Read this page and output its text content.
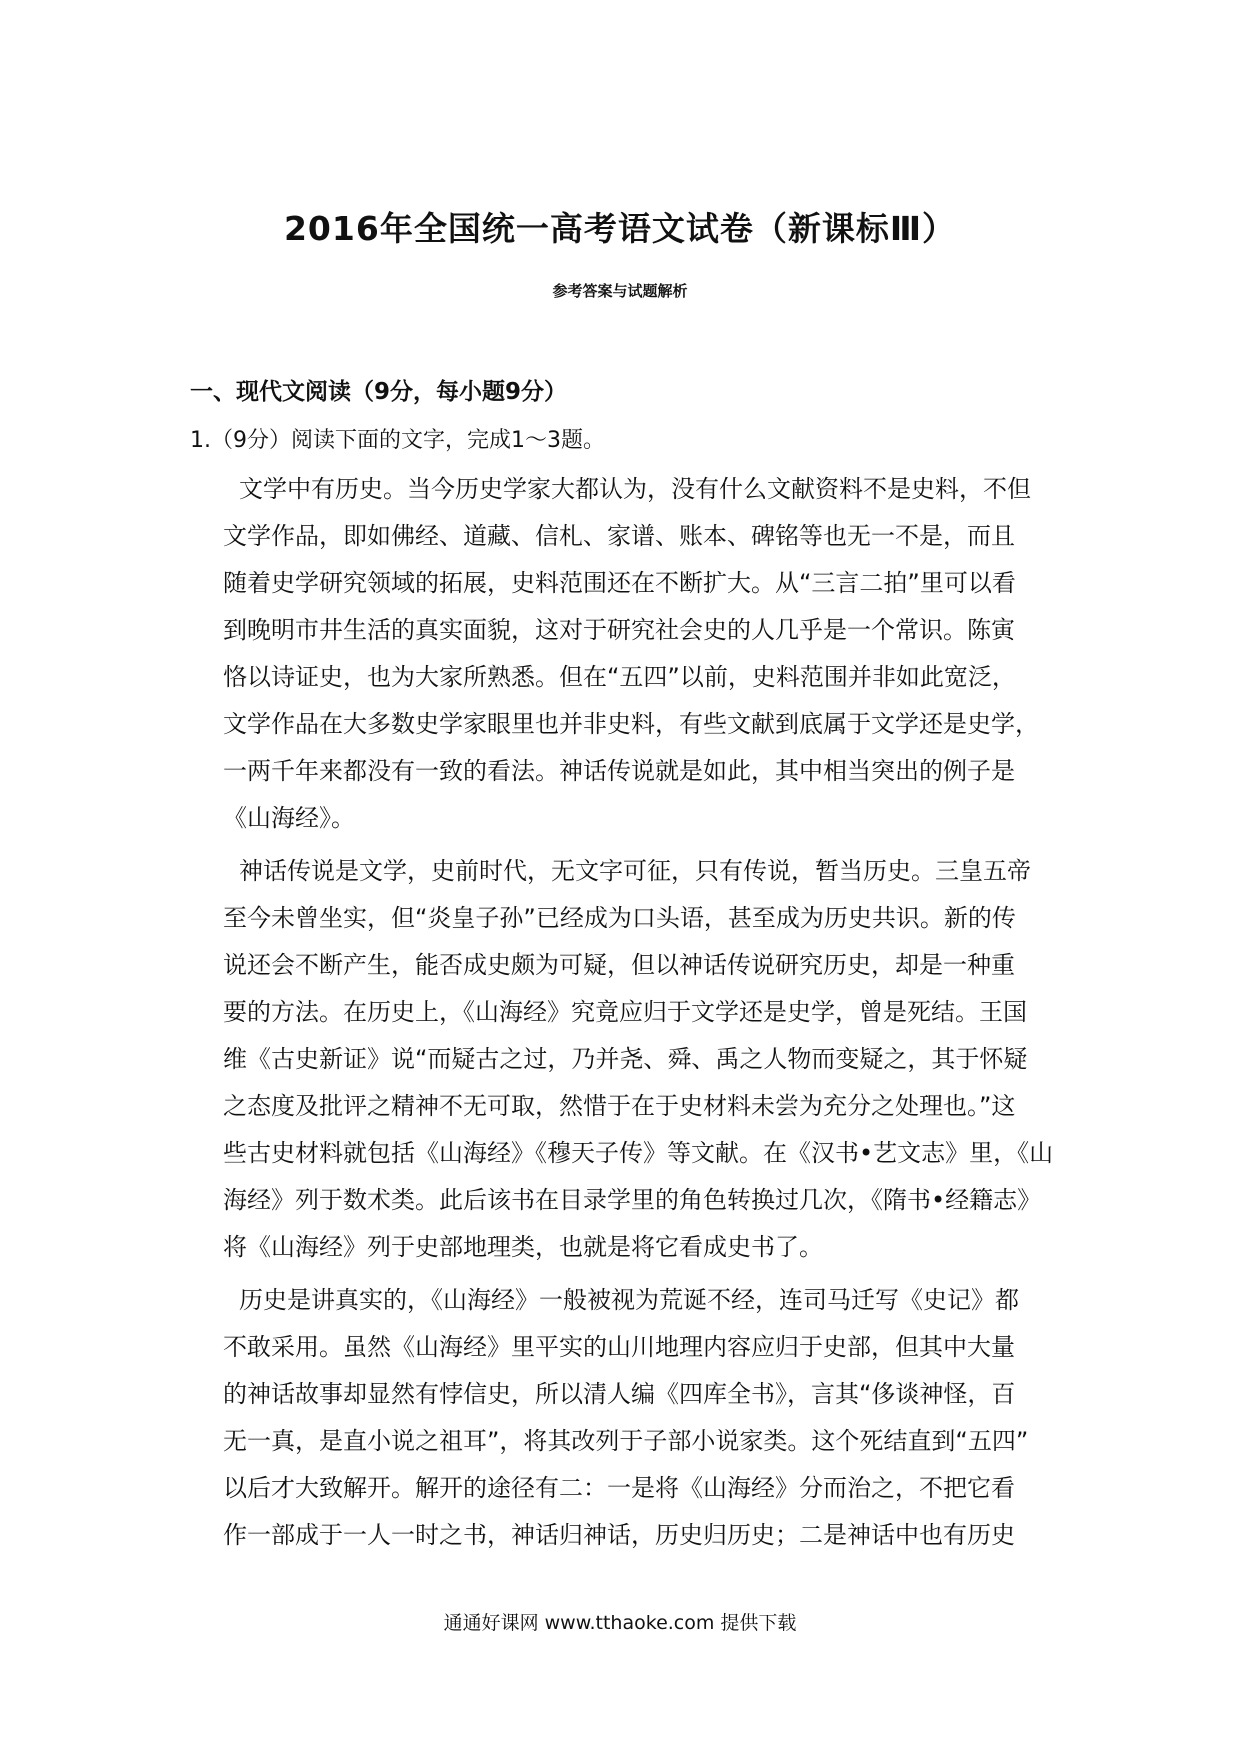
2016年全国统一高考语文试卷（新课标Ⅲ）
参考答案与试题解析
一、现代文阅读（9分，每小题9分）
1.（9分）阅读下面的文字，完成1～3题。
文学中有历史。当今历史学家大都认为，没有什么文献资料不是史料，不但
文学作品，即如佛经、道藏、信札、家谱、账本、碑铭等也无一不是，而且
随着史学研究领域的拓展，史料范围还在不断扩大。从“三言二拍”里可以看
到晚明市井生活的真实面貌，这对于研究社会史的人几乎是一个常识。陈寅
恪以诗证史，也为大家所熟悉。但在“五四”以前，史料范围并非如此宽泛，
文学作品在大多数史学家眼里也并非史料，有些文献到底属于文学还是史学，
一两千年来都没有一致的看法。神话传说就是如此，其中相当突出的例子是
《山海经》。
神话传说是文学，史前时代，无文字可征，只有传说，暂当历史。三皇五帝
至今未曾坐实，但“炎皇子孙”已经成为口头语，甚至成为历史共识。新的传
说还会不断产生，能否成史颇为可疑，但以神话传说研究历史，却是一种重
要的方法。在历史上，《山海经》究竟应归于文学还是史学，曾是死结。王国
维《古史新证》说“而疑古之过，乃并尧、舜、禹之人物而变疑之，其于怀疑
之态度及批评之精神不无可取，然惜于在于史材料未尝为充分之处理也。”这
些古史材料就包括《山海经》《穆天子传》等文献。在《汉书•艺文志》里，《山
海经》列于数术类。此后该书在目录学里的角色转换过几次，《隋书•经籍志》
将《山海经》列于史部地理类，也就是将它看成史书了。
历史是讲真实的，《山海经》一般被视为荒诞不经，连司马迁写《史记》都
不敢采用。虽然《山海经》里平实的山川地理内容应归于史部，但其中大量
的神话故事却显然有悖信史，所以清人编《四库全书》，言其“侈谈神怪，百
无一真，是直小说之祖耳”，将其改列于子部小说家类。这个死结直到“五四”
以后才大致解开。解开的途径有二：一是将《山海经》分而治之，不把它看
作一部成于一人一时之书，神话归神话，历史归历史；二是神话中也有历史
通通好课网 www.tthaoke.com 提供下载
